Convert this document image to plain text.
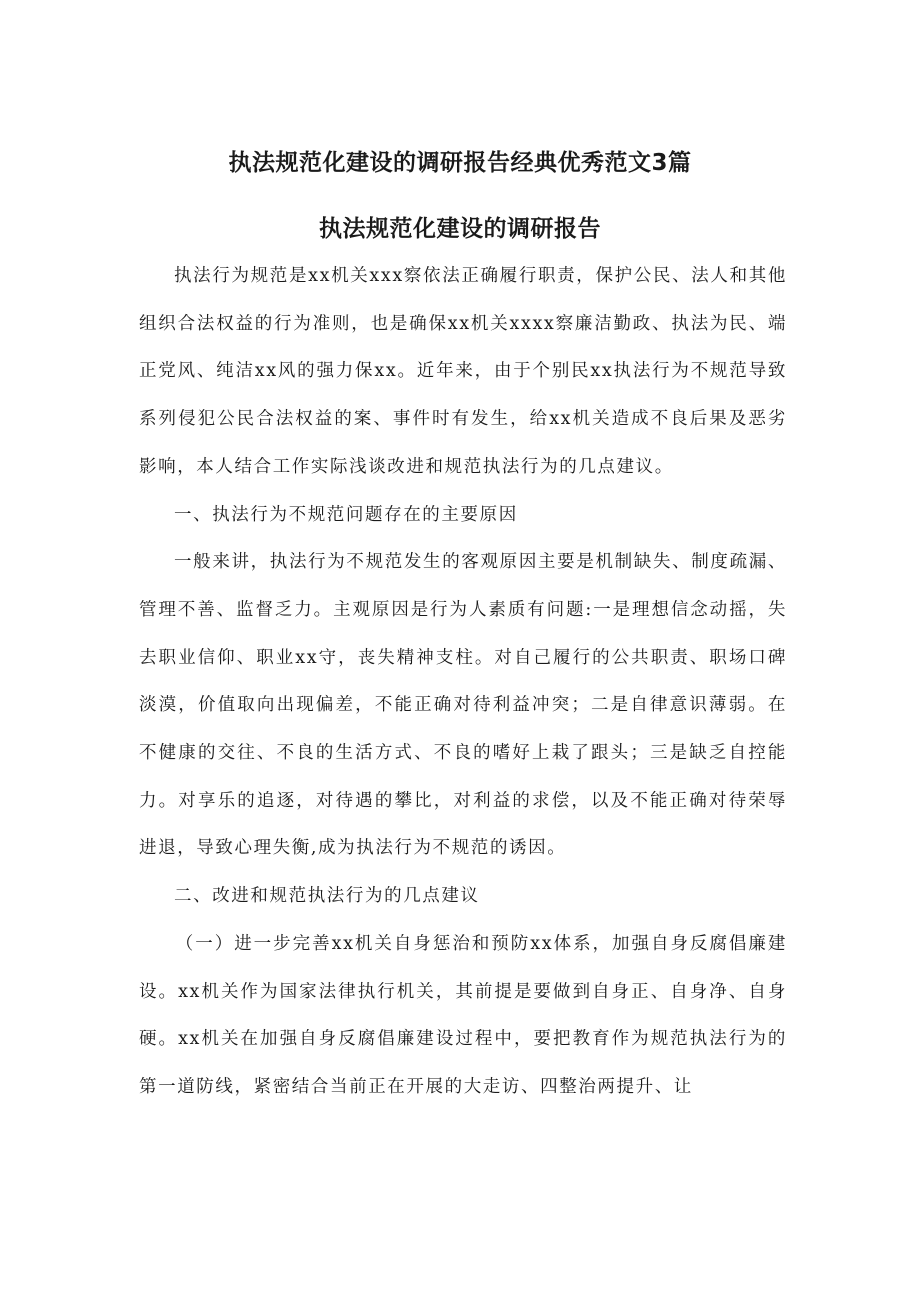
执法规范化建设的调研报告经典优秀范文3篇
执法规范化建设的调研报告

执法行为规范是xx机关xxx察依法正确履行职责，保护公民、法人和其他组织合法权益的行为准则，也是确保xx机关xxxx察廉洁勤政、执法为民、端正党风、纯洁xx风的强力保xx。近年来，由于个别民xx执法行为不规范导致系列侵犯公民合法权益的案、事件时有发生，给xx机关造成不良后果及恶劣影响，本人结合工作实际浅谈改进和规范执法行为的几点建议。

一、执法行为不规范问题存在的主要原因

一般来讲，执法行为不规范发生的客观原因主要是机制缺失、制度疏漏、管理不善、监督乏力。主观原因是行为人素质有问题:一是理想信念动摇，失去职业信仰、职业xx守，丧失精神支柱。对自己履行的公共职责、职场口碑淡漠，价值取向出现偏差，不能正确对待利益冲突；二是自律意识薄弱。在不健康的交往、不良的生活方式、不良的嗜好上栽了跟头；三是缺乏自控能力。对享乐的追逐，对待遇的攀比，对利益的求偿，以及不能正确对待荣辱进退，导致心理失衡,成为执法行为不规范的诱因。

二、改进和规范执法行为的几点建议

（一）进一步完善xx机关自身惩治和预防xx体系，加强自身反腐倡廉建设。xx机关作为国家法律执行机关，其前提是要做到自身正、自身净、自身硬。xx机关在加强自身反腐倡廉建设过程中，要把教育作为规范执法行为的第一道防线，紧密结合当前正在开展的大走访、四整治两提升、让
